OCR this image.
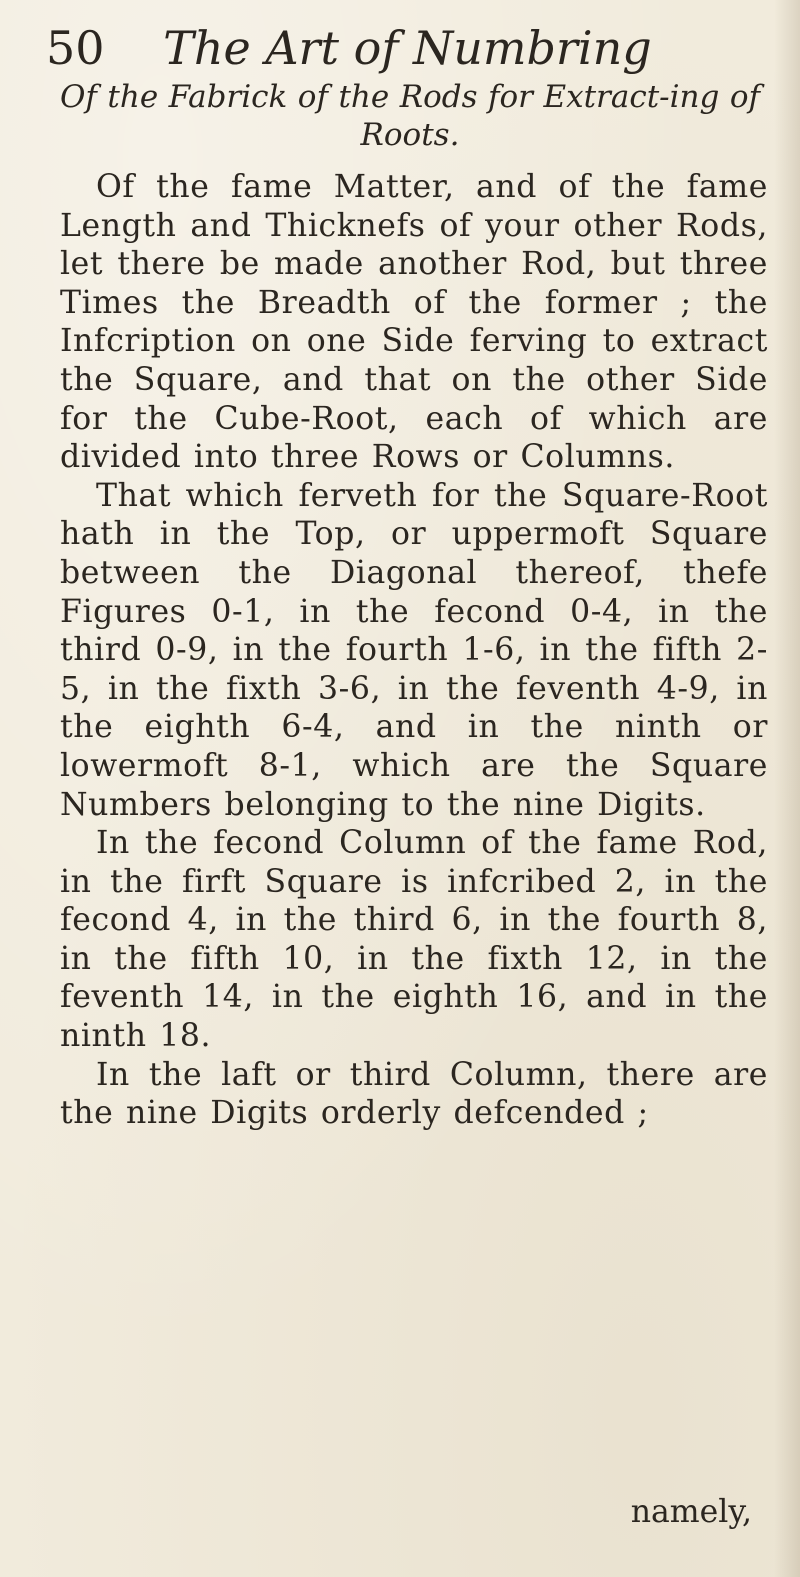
50 The Art of Numbring
Of the Fabrick of the Rods for Extract-ing of Roots.

Of the fame Matter, and of the fame Length and Thicknefs of your other Rods, let there be made another Rod, but three Times the Breadth of the former ; the Infcription on one Side ferving to extract the Square, and that on the other Side for the Cube-Root, each of which are divided into three Rows or Columns.

That which ferveth for the Square-Root hath in the Top, or uppermoft Square between the Diagonal thereof, thefe Figures 0-1, in the fecond 0-4, in the third 0-9, in the fourth 1-6, in the fifth 2-5, in the fixth 3-6, in the feventh 4-9, in the eighth 6-4, and in the ninth or lowermoft 8-1, which are the Square Numbers belonging to the nine Digits.

In the fecond Column of the fame Rod, in the firft Square is infcribed 2, in the fecond 4, in the third 6, in the fourth 8, in the fifth 10, in the fixth 12, in the feventh 14, in the eighth 16, and in the ninth 18.

In the laft or third Column, there are the nine Digits orderly defcended ;

namely,
